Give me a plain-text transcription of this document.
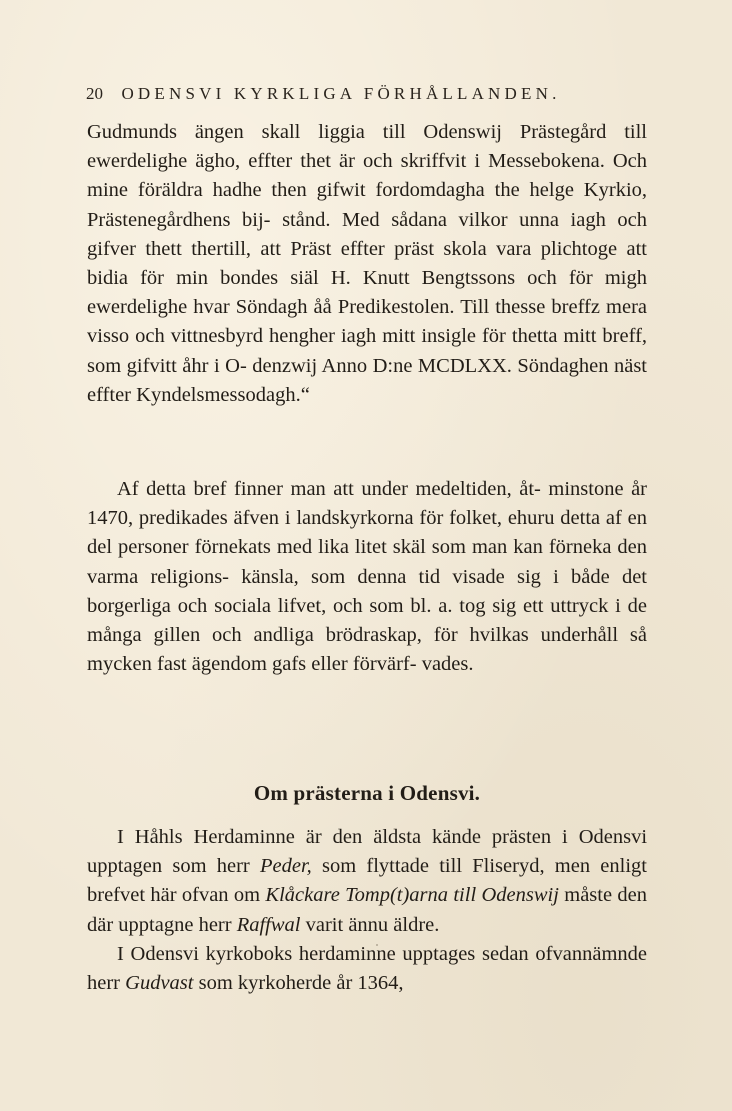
20 ODENSVI KYRKLIGA FÖRHÅLLANDEN.

Gudmunds ängen skall liggia till Odenswij Prästegård till ewerdelighe ägho, effter thet är och skriffvit i Messebokena. Och mine föräldra hadhe then gifwit fordomdagha the helge Kyrkio, Prästenegårdhens bij- stånd. Med sådana vilkor unna iagh och gifver thett thertill, att Präst effter präst skola vara plichtoge att bidia för min bondes siäl H. Knutt Bengtssons och för migh ewerdelighe hvar Söndagh åå Predikestolen. Till thesse breffz mera visso och vittnesbyrd hengher iagh mitt insigle för thetta mitt breff, som gifvitt åhr i O- denzwij Anno D:ne MCDLXX. Söndaghen näst effter Kyndelsmessodagh.“

Af detta bref finner man att under medeltiden, åt- minstone år 1470, predikades äfven i landskyrkorna för folket, ehuru detta af en del personer förnekats med lika litet skäl som man kan förneka den varma religions- känsla, som denna tid visade sig i både det borgerliga och sociala lifvet, och som bl. a. tog sig ett uttryck i de många gillen och andliga brödraskap, för hvilkas underhåll så mycken fast ägendom gafs eller förvärf- vades.

Om prästerna i Odensvi.

I Håhls Herdaminne är den äldsta kände prästen i Odensvi upptagen som herr Peder, som flyttade till Fliseryd, men enligt brefvet här ofvan om Klåckare Tomp(t)arna till Odenswij måste den där upptagne herr Raffwal varit ännu äldre.

I Odensvi kyrkoboks herdaminne upptages sedan ofvannämnde herr Gudvast som kyrkoherde år 1364,
